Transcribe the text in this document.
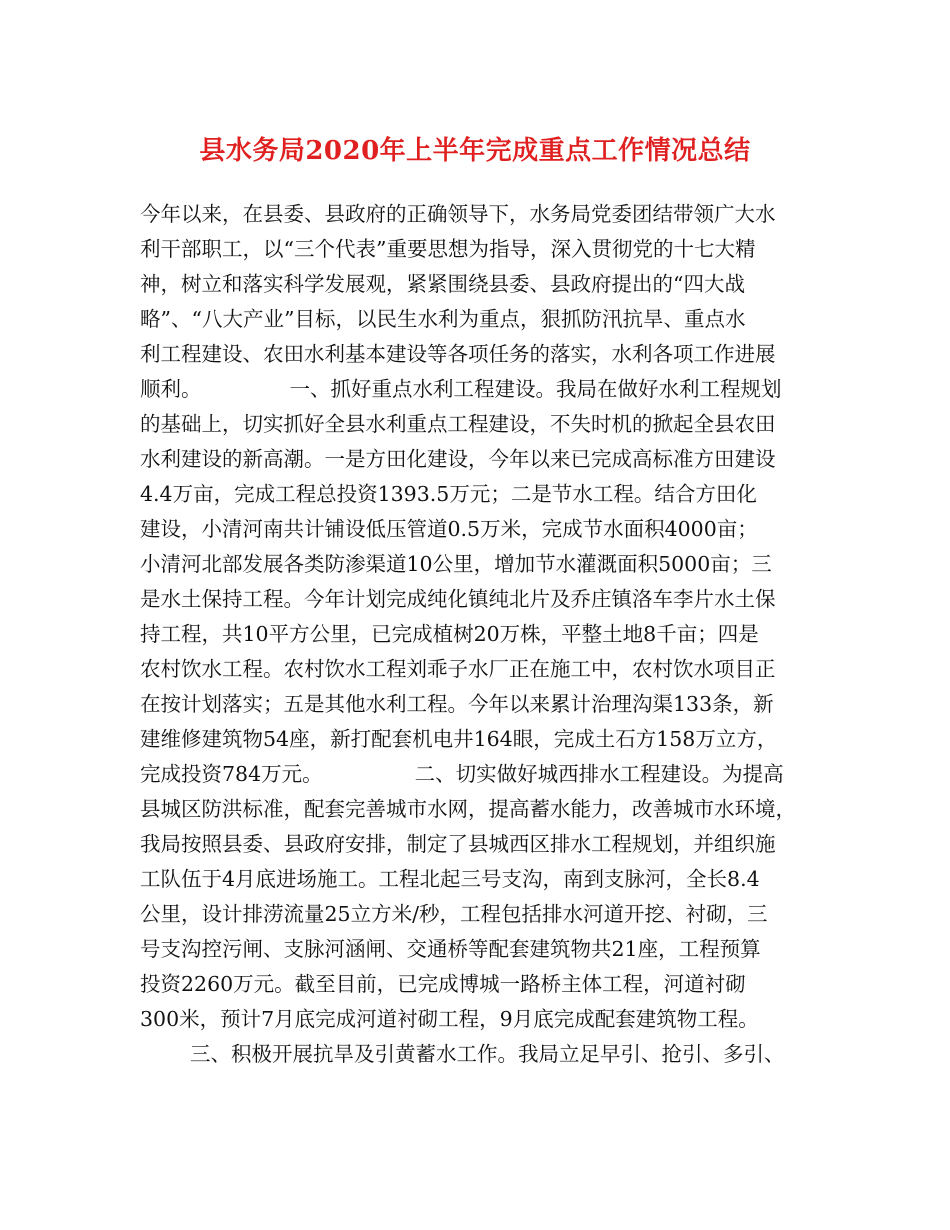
县水务局2020年上半年完成重点工作情况总结
今年以来，在县委、县政府的正确领导下，水务局党委团结带领广大水
利干部职工，以“三个代表”重要思想为指导，深入贯彻党的十七大精
神，树立和落实科学发展观，紧紧围绕县委、县政府提出的“四大战
略”、“八大产业”目标，以民生水利为重点，狠抓防汛抗旱、重点水
利工程建设、农田水利基本建设等各项任务的落实，水利各项工作进展
顺利。	一、抓好重点水利工程建设。我局在做好水利工程规划
的基础上，切实抓好全县水利重点工程建设，不失时机的掀起全县农田
水利建设的新高潮。一是方田化建设，今年以来已完成高标准方田建设
4.4万亩，完成工程总投资1393.5万元；二是节水工程。结合方田化
建设，小清河南共计铺设低压管道0.5万米，完成节水面积4000亩；
小清河北部发展各类防渗渠道10公里，增加节水灌溉面积5000亩；三
是水土保持工程。今年计划完成纯化镇纯北片及乔庄镇洛车李片水土保
持工程，共10平方公里，已完成植树20万株，平整土地8千亩；四是
农村饮水工程。农村饮水工程刘乖子水厂正在施工中，农村饮水项目正
在按计划落实；五是其他水利工程。今年以来累计治理沟渠133条，新
建维修建筑物54座，新打配套机电井164眼，完成土石方158万立方，
完成投资784万元。	二、切实做好城西排水工程建设。为提高
县城区防洪标准，配套完善城市水网，提高蓄水能力，改善城市水环境，
我局按照县委、县政府安排，制定了县城西区排水工程规划，并组织施
工队伍于4月底进场施工。工程北起三号支沟，南到支脉河，全长8.4
公里，设计排涝流量25立方米/秒，工程包括排水河道开挖、衬砌，三
号支沟控污闸、支脉河涵闸、交通桥等配套建筑物共21座，工程预算
投资2260万元。截至目前，已完成博城一路桥主体工程，河道衬砌
300米，预计7月底完成河道衬砌工程，9月底完成配套建筑物工程。
三、积极开展抗旱及引黄蓄水工作。我局立足早引、抢引、多引、
